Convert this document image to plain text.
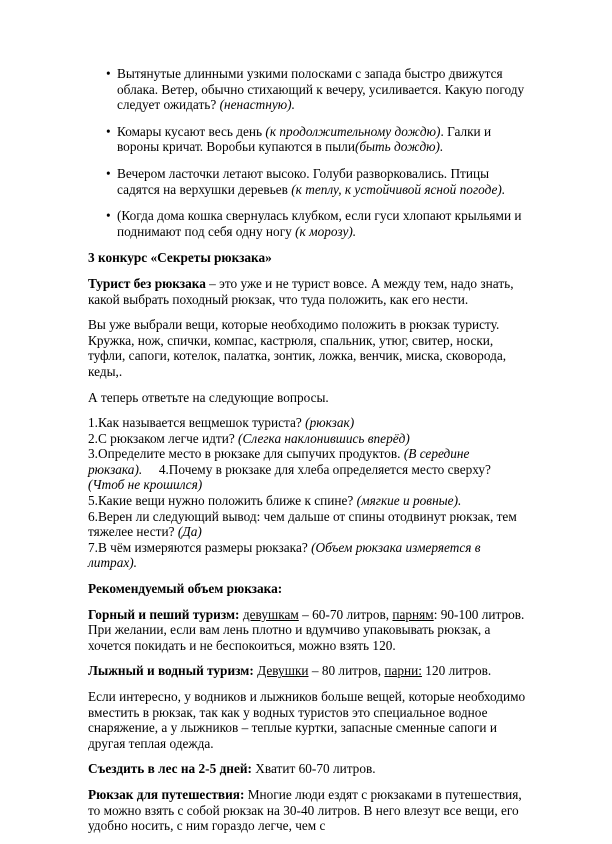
• Вытянутые длинными узкими полосками с запада быстро движутся облака. Ветер, обычно стихающий к вечеру, усиливается. Какую погоду следует ожидать? (ненастную).
• Комары кусают весь день (к продолжительному дождю). Галки и вороны кричат. Воробьи купаются в пыли(быть дождю).
• Вечером ласточки летают высоко. Голуби разворковались. Птицы садятся на верхушки деревьев (к теплу, к устойчивой ясной погоде).
• (Когда дома кошка свернулась клубком, если гуси хлопают крыльями и поднимают под себя одну ногу (к морозу).

3 конкурс «Секреты рюкзака»

Турист без рюкзака – это уже и не турист вовсе. А между тем, надо знать, какой выбрать походный рюкзак, что туда положить, как его нести.

Вы уже выбрали вещи, которые необходимо положить в рюкзак туристу. Кружка, нож, спички, компас, кастрюля, спальник, утюг, свитер, носки, туфли, сапоги, котелок, палатка, зонтик, ложка, венчик, миска, сковорода, кеды,.

А теперь ответьте на следующие вопросы.

1.Как называется вещмешок туриста? (рюкзак)
2.С рюкзаком легче идти? (Слегка наклонившись вперёд)
3.Определите место в рюкзаке для сыпучих продуктов. (В середине рюкзака). 4.Почему в рюкзаке для хлеба определяется место сверху? (Чтоб не крошился)
5.Какие вещи нужно положить ближе к спине? (мягкие и ровные).
6.Верен ли следующий вывод: чем дальше от спины отодвинут рюкзак, тем тяжелее нести? (Да)
7.В чём измеряются размеры рюкзака? (Объем рюкзака измеряется в литрах).

Рекомендуемый объем рюкзака:

Горный и пеший туризм: девушкам – 60-70 литров, парням: 90-100 литров. При желании, если вам лень плотно и вдумчиво упаковывать рюкзак, а хочется покидать и не беспокоиться, можно взять 120.

Лыжный и водный туризм: Девушки – 80 литров, парни: 120 литров.

Если интересно, у водников и лыжников больше вещей, которые необходимо вместить в рюкзак, так как у водных туристов это специальное водное снаряжение, а у лыжников – теплые куртки, запасные сменные сапоги и другая теплая одежда.

Съездить в лес на 2-5 дней: Хватит 60-70 литров.

Рюкзак для путешествия: Многие люди ездят с рюкзаками в путешествия, то можно взять с собой рюкзак на 30-40 литров. В него влезут все вещи, его удобно носить, с ним гораздо легче, чем с
